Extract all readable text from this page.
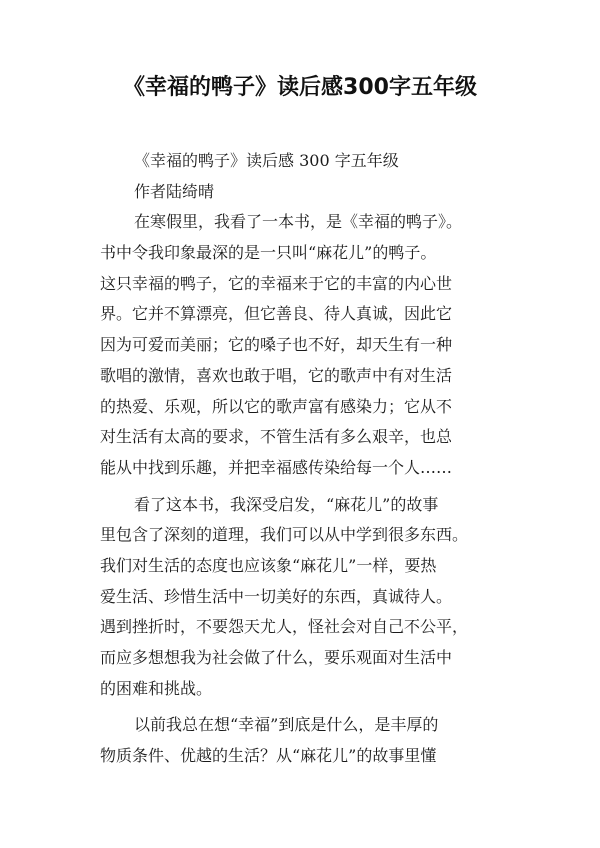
《幸福的鸭子》读后感300字五年级
《幸福的鸭子》读后感 300 字五年级
作者陆绮晴
在寒假里，我看了一本书，是《幸福的鸭子》。
书中令我印象最深的是一只叫“麻花儿”的鸭子。
这只幸福的鸭子，它的幸福来于它的丰富的内心世
界。它并不算漂亮，但它善良、待人真诚，因此它
因为可爱而美丽；它的嗓子也不好，却天生有一种
歌唱的激情，喜欢也敢于唱，它的歌声中有对生活
的热爱、乐观，所以它的歌声富有感染力；它从不
对生活有太高的要求，不管生活有多么艰辛，也总
能从中找到乐趣，并把幸福感传染给每一个人……
看了这本书，我深受启发，“麻花儿”的故事
里包含了深刻的道理，我们可以从中学到很多东西。
我们对生活的态度也应该象“麻花儿”一样，要热
爱生活、珍惜生活中一切美好的东西，真诚待人。
遇到挫折时，不要怨天尤人，怪社会对自己不公平，
而应多想想我为社会做了什么，要乐观面对生活中
的困难和挑战。
以前我总在想“幸福”到底是什么，是丰厚的
物质条件、优越的生活？从“麻花儿”的故事里懂
